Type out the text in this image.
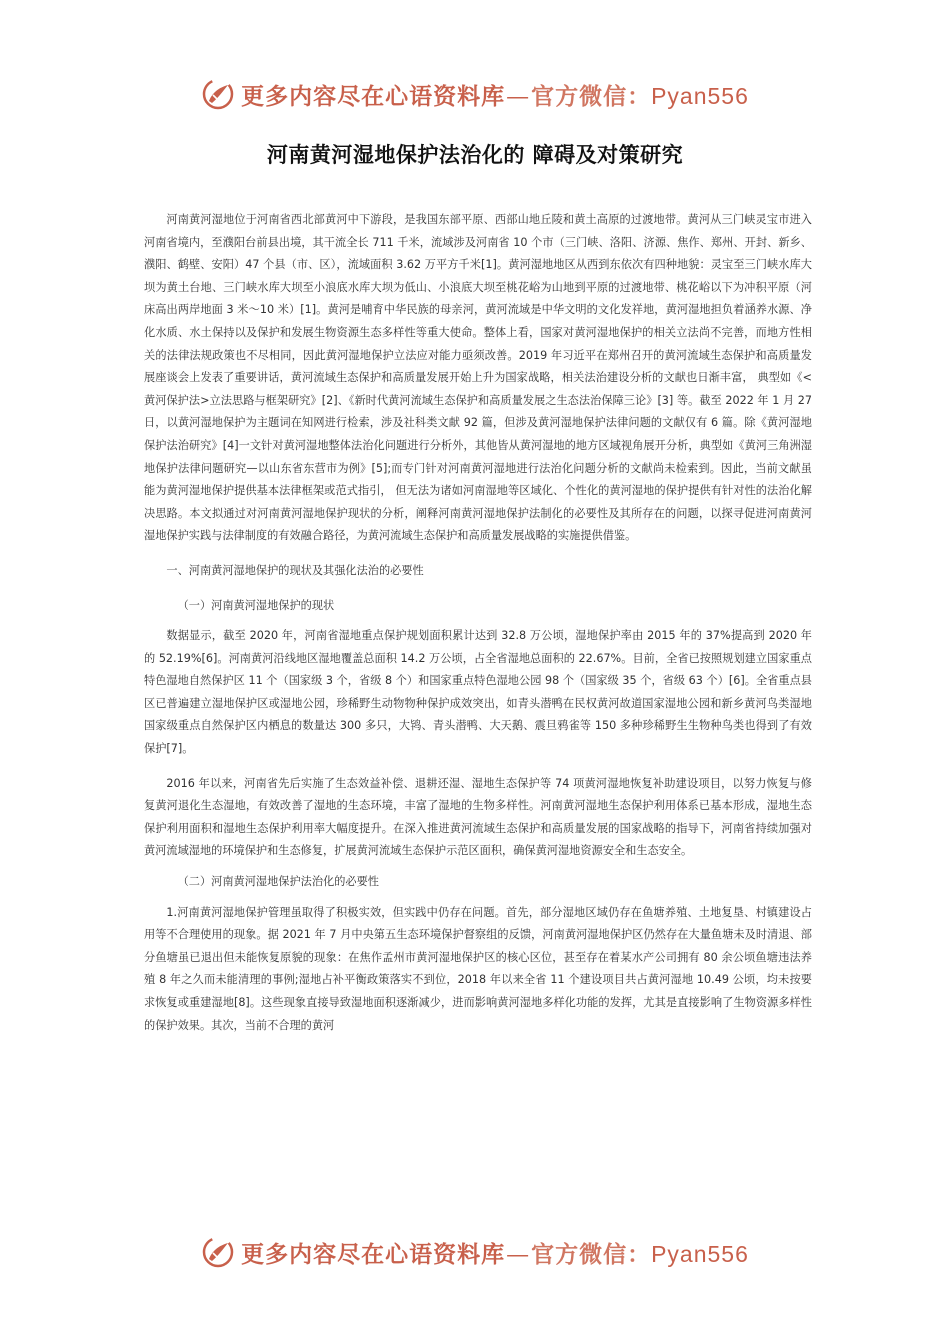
更多内容尽在心语资料库—官方微信：Pyan556
河南黄河湿地保护法治化的 障碍及对策研究

河南黄河湿地位于河南省西北部黄河中下游段，是我国东部平原、西部山地丘陵和黄土高原的过渡地带。黄河从三门峡灵宝市进入河南省境内，至濮阳台前县出境，其干流全长 711 千米，流域涉及河南省 10 个市（三门峡、洛阳、济源、焦作、郑州、开封、新乡、濮阳、鹤壁、安阳）47 个县（市、区），流域面积 3.62 万平方千米[1]。黄河湿地地区从西到东依次有四种地貌：灵宝至三门峡水库大坝为黄土台地、三门峡水库大坝至小浪底水库大坝为低山、小浪底大坝至桃花峪为山地到平原的过渡地带、桃花峪以下为冲积平原（河床高出两岸地面 3 米～10 米）[1]。黄河是哺育中华民族的母亲河，黄河流域是中华文明的文化发祥地，黄河湿地担负着涵养水源、净化水质、水土保持以及保护和发展生物资源生态多样性等重大使命。整体上看，国家对黄河湿地保护的相关立法尚不完善，而地方性相关的法律法规政策也不尽相同，因此黄河湿地保护立法应对能力亟须改善。2019 年习近平在郑州召开的黄河流域生态保护和高质量发展座谈会上发表了重要讲话，黄河流域生态保护和高质量发展开始上升为国家战略，相关法治建设分析的文献也日渐丰富， 典型如《<黄河保护法>立法思路与框架研究》[2]、《新时代黄河流域生态保护和高质量发展之生态法治保障三论》[3] 等。截至 2022 年 1 月 27 日，以黄河湿地保护为主题词在知网进行检索，涉及社科类文献 92 篇，但涉及黄河湿地保护法律问题的文献仅有 6 篇。除《黄河湿地保护法治研究》[4]一文针对黄河湿地整体法治化问题进行分析外，其他皆从黄河湿地的地方区域视角展开分析，典型如《黄河三角洲湿地保护法律问题研究—以山东省东营市为例》[5];而专门针对河南黄河湿地进行法治化问题分析的文献尚未检索到。因此，当前文献虽能为黄河湿地保护提供基本法律框架或范式指引， 但无法为诸如河南湿地等区域化、个性化的黄河湿地的保护提供有针对性的法治化解决思路。本文拟通过对河南黄河湿地保护现状的分析，阐释河南黄河湿地保护法制化的必要性及其所存在的问题，以探寻促进河南黄河湿地保护实践与法律制度的有效融合路径，为黄河流域生态保护和高质量发展战略的实施提供借鉴。

一、河南黄河湿地保护的现状及其强化法治的必要性
（一）河南黄河湿地保护的现状

数据显示，截至 2020 年，河南省湿地重点保护规划面积累计达到 32.8 万公顷，湿地保护率由 2015 年的 37%提高到 2020 年的 52.19%[6]。河南黄河沿线地区湿地覆盖总面积 14.2 万公顷，占全省湿地总面积的 22.67%。目前，全省已按照规划建立国家重点特色湿地自然保护区 11 个（国家级 3 个，省级 8 个）和国家重点特色湿地公园 98 个（国家级 35 个，省级 63 个）[6]。全省重点县区已普遍建立湿地保护区或湿地公园，珍稀野生动物物种保护成效突出，如青头潜鸭在民权黄河故道国家湿地公园和新乡黄河鸟类湿地国家级重点自然保护区内栖息的数量达 300 多只，大鸨、青头潜鸭、大天鹅、震旦鸦雀等 150 多种珍稀野生生物种鸟类也得到了有效保护[7]。

2016 年以来，河南省先后实施了生态效益补偿、退耕还湿、湿地生态保护等 74 项黄河湿地恢复补助建设项目，以努力恢复与修复黄河退化生态湿地，有效改善了湿地的生态环境，丰富了湿地的生物多样性。河南黄河湿地生态保护利用体系已基本形成，湿地生态保护利用面积和湿地生态保护利用率大幅度提升。在深入推进黄河流域生态保护和高质量发展的国家战略的指导下，河南省持续加强对黄河流域湿地的环境保护和生态修复，扩展黄河流域生态保护示范区面积，确保黄河湿地资源安全和生态安全。

（二）河南黄河湿地保护法治化的必要性

1.河南黄河湿地保护管理虽取得了积极实效，但实践中仍存在问题。首先，部分湿地区域仍存在鱼塘养殖、土地复垦、村镇建设占用等不合理使用的现象。据 2021 年 7 月中央第五生态环境保护督察组的反馈，河南黄河湿地保护区仍然存在大量鱼塘未及时清退、部分鱼塘虽已退出但未能恢复原貌的现象：在焦作孟州市黄河湿地保护区的核心区位，甚至存在着某水产公司拥有 80 余公顷鱼塘违法养殖 8 年之久而未能清理的事例;湿地占补平衡政策落实不到位，2018 年以来全省 11 个建设项目共占黄河湿地 10.49 公顷，均未按要求恢复或重建湿地[8]。这些现象直接导致湿地面积逐渐减少，进而影响黄河湿地多样化功能的发挥，尤其是直接影响了生物资源多样性的保护效果。其次，当前不合理的黄河

更多内容尽在心语资料库—官方微信：Pyan556
